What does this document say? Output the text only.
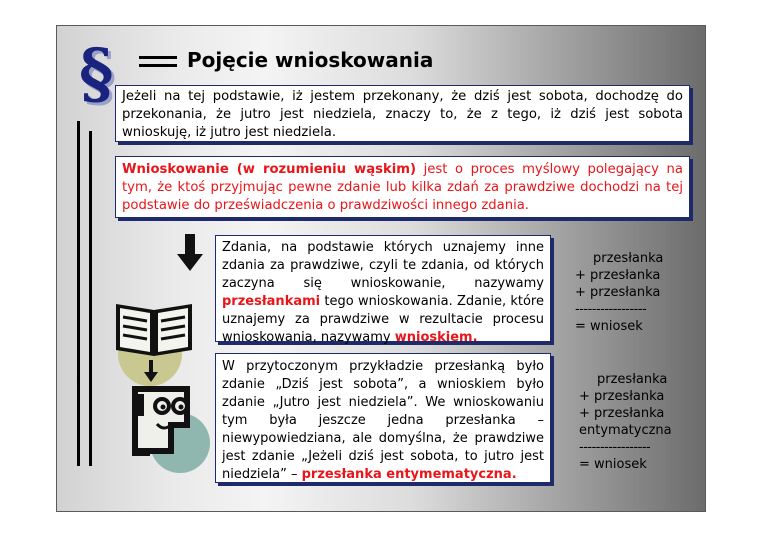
§	Pojęcie wnioskowania
Jeżeli na tej podstawie, iż jestem przekonany, że dziś jest sobota, dochodzę do przekonania, że jutro jest niedziela, znaczy to, że z tego, iż dziś jest sobota wnioskuję, iż jutro jest niedziela.
Wnioskowanie (w rozumieniu wąskim) jest o proces myślowy polegający na tym, że ktoś przyjmując pewne zdanie lub kilka zdań za prawdziwe dochodzi na tej podstawie do przeświadczenia o prawdziwości innego zdania.
Zdania, na podstawie których uznajemy inne zdania za prawdziwe, czyli te zdania, od których zaczyna się wnioskowanie, nazywamy przesłankami tego wnioskowania. Zdanie, które uznajemy za prawdziwe w rezultacie procesu wnioskowania, nazywamy wnioskiem.
W przytoczonym przykładzie przesłanką było zdanie „Dziś jest sobota”, a wnioskiem było zdanie „Jutro jest niedziela”. We wnioskowaniu tym była jeszcze jedna przesłanka – niewypowiedziana, ale domyślna, że prawdziwe jest zdanie „Jeżeli dziś jest sobota, to jutro jest niedziela” – przesłanka entymematyczna.
przesłanka
+ przesłanka
+ przesłanka
-----------------
= wniosek
przesłanka
+ przesłanka
+ przesłanka
entymatyczna
-----------------
= wniosek
